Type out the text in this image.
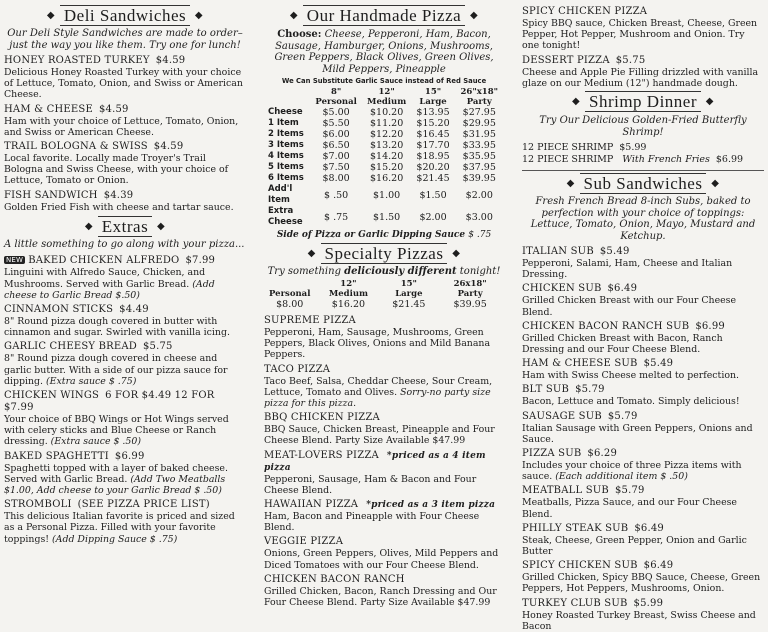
◆ Deli Sandwiches ◆
Our Deli Style Sandwiches are made to order– just the way you like them. Try one for lunch!
HONEY ROASTED TURKEY $4.59
Delicious Honey Roasted Turkey with your choice of Lettuce, Tomato, Onion, and Swiss or American Cheese.
HAM & CHEESE $4.59
Ham with your choice of Lettuce, Tomato, Onion, and Swiss or American Cheese.
TRAIL BOLOGNA & SWISS $4.59
Local favorite. Locally made Troyer's Trail Bologna and Swiss Cheese, with your choice of Lettuce, Tomato or Onion.
FISH SANDWICH $4.39
Golden Fried Fish with cheese and tartar sauce.
◆ Extras ◆
A little something to go along with your pizza...
NEW BAKED CHICKEN ALFREDO $7.99
Linguini with Alfredo Sauce, Chicken, and Mushrooms. Served with Garlic Bread. (Add cheese to Garlic Bread $.50)
CINNAMON STICKS $4.49
8" Round pizza dough covered in butter with cinnamon and sugar. Swirled with vanilla icing.
GARLIC CHEESY BREAD $5.75
8" Round pizza dough covered in cheese and garlic butter. With a side of our pizza sauce for dipping. (Extra sauce $ .75)
CHICKEN WINGS 6 FOR $4.49 12 FOR $7.99
Your choice of BBQ Wings or Hot Wings served with celery sticks and Blue Cheese or Ranch dressing. (Extra sauce $ .50)
BAKED SPAGHETTI $6.99
Spaghetti topped with a layer of baked cheese. Served with Garlic Bread. (Add Two Meatballs $1.00, Add cheese to your Garlic Bread $ .50)
STROMBOLI (SEE PIZZA PRICE LIST)
This delicious Italian favorite is priced and sized as a Personal Pizza. Filled with your favorite toppings! (Add Dipping Sauce $ .75)
◆ Our Handmade Pizza ◆
Choose: Cheese, Pepperoni, Ham, Bacon, Sausage, Hamburger, Onions, Mushrooms, Green Peppers, Black Olives, Green Olives, Mild Peppers, Pineapple
We Can Substitute Garlic Sauce instead of Red Sauce
	8" Personal	12" Medium	15" Large	26"x18" Party
Cheese	$5.00	$10.20	$13.95	$27.95
1 Item	$5.50	$11.20	$15.20	$29.95
2 Items	$6.00	$12.20	$16.45	$31.95
3 Items	$6.50	$13.20	$17.70	$33.95
4 Items	$7.00	$14.20	$18.95	$35.95
5 Items	$7.50	$15.20	$20.20	$37.95
6 Items	$8.00	$16.20	$21.45	$39.95
Add'l Item	$ .50	$1.00	$1.50	$2.00
Extra Cheese	$ .75	$1.50	$2.00	$3.00
Side of Pizza or Garlic Dipping Sauce $ .75
◆ Specialty Pizzas ◆
Try something deliciously different tonight!
Personal	12" Medium	15" Large	26x18" Party
$8.00	$16.20	$21.45	$39.95
SUPREME PIZZA
Pepperoni, Ham, Sausage, Mushrooms, Green Peppers, Black Olives, Onions and Mild Banana Peppers.
TACO PIZZA
Taco Beef, Salsa, Cheddar Cheese, Sour Cream, Lettuce, Tomato and Olives. Sorry-no party size pizza for this pizza.
BBQ CHICKEN PIZZA
BBQ Sauce, Chicken Breast, Pineapple and Four Cheese Blend. Party Size Available $47.99
MEAT-LOVERS PIZZA *priced as a 4 item pizza
Pepperoni, Sausage, Ham & Bacon and Four Cheese Blend.
HAWAIIAN PIZZA *priced as a 3 item pizza
Ham, Bacon and Pineapple with Four Cheese Blend.
VEGGIE PIZZA
Onions, Green Peppers, Olives, Mild Peppers and Diced Tomatoes with our Four Cheese Blend.
CHICKEN BACON RANCH
Grilled Chicken, Bacon, Ranch Dressing and Our Four Cheese Blend. Party Size Available $47.99
SPICY CHICKEN PIZZA
Spicy BBQ sauce, Chicken Breast, Cheese, Green Pepper, Hot Pepper, Mushroom and Onion. Try one tonight!
DESSERT PIZZA $5.75
Cheese and Apple Pie Filling drizzled with vanilla glaze on our Medium (12") handmade dough.
◆ Shrimp Dinner ◆
Try Our Delicious Golden-Fried Butterfly Shrimp!
12 PIECE SHRIMP $5.99
12 PIECE SHRIMP With French Fries $6.99
◆ Sub Sandwiches ◆
Fresh French Bread 8-inch Subs, baked to perfection with your choice of toppings: Lettuce, Tomato, Onion, Mayo, Mustard and Ketchup.
ITALIAN SUB $5.49
Pepperoni, Salami, Ham, Cheese and Italian Dressing.
CHICKEN SUB $6.49
Grilled Chicken Breast with our Four Cheese Blend.
CHICKEN BACON RANCH SUB $6.99
Grilled Chicken Breast with Bacon, Ranch Dressing and our Four Cheese Blend.
HAM & CHEESE SUB $5.49
Ham with Swiss Cheese melted to perfection.
BLT SUB $5.79
Bacon, Lettuce and Tomato. Simply delicious!
SAUSAGE SUB $5.79
Italian Sausage with Green Peppers, Onions and Sauce.
PIZZA SUB $6.29
Includes your choice of three Pizza items with sauce. (Each additional item $ .50)
MEATBALL SUB $5.79
Meatballs, Pizza Sauce, and our Four Cheese Blend.
PHILLY STEAK SUB $6.49
Steak, Cheese, Green Pepper, Onion and Garlic Butter
SPICY CHICKEN SUB $6.49
Grilled Chicken, Spicy BBQ Sauce, Cheese, Green Peppers, Hot Peppers, Mushrooms, Onion.
TURKEY CLUB SUB $5.99
Honey Roasted Turkey Breast, Swiss Cheese and Bacon
